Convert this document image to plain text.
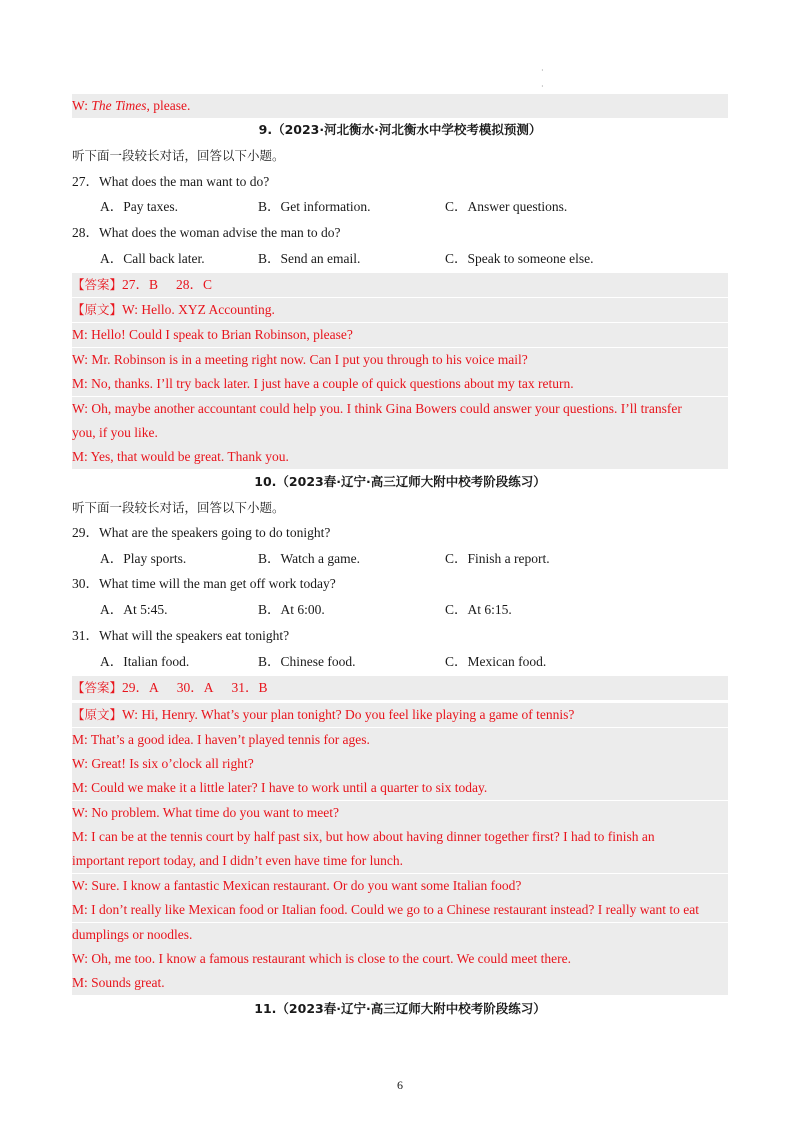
·
·
W: The Times, please.
9.（2023·河北衡水·河北衡水中学校考模拟预测）
听下面一段较长对话，回答以下小题。
27．What does the man want to do?
A．Pay taxes.	B．Get information.	C．Answer questions.
28．What does the woman advise the man to do?
A．Call back later.	B．Send an email.	C．Speak to someone else.
【答案】27．B 28．C
【原文】W: Hello. XYZ Accounting.
M: Hello! Could I speak to Brian Robinson, please?
W: Mr. Robinson is in a meeting right now. Can I put you through to his voice mail?
M: No, thanks. I’ll try back later. I just have a couple of quick questions about my tax return.
W: Oh, maybe another accountant could help you. I think Gina Bowers could answer your questions. I’ll transfer
you, if you like.
M: Yes, that would be great. Thank you.
10.（2023春·辽宁·高三辽师大附中校考阶段练习）
听下面一段较长对话，回答以下小题。
29．What are the speakers going to do tonight?
A．Play sports.	B．Watch a game.	C．Finish a report.
30．What time will the man get off work today?
A．At 5:45.	B．At 6:00.	C．At 6:15.
31．What will the speakers eat tonight?
A．Italian food.	B．Chinese food.	C．Mexican food.
【答案】29．A 30．A 31．B
【原文】W: Hi, Henry. What’s your plan tonight? Do you feel like playing a game of tennis?
M: That’s a good idea. I haven’t played tennis for ages.
W: Great! Is six o’clock all right?
M: Could we make it a little later? I have to work until a quarter to six today.
W: No problem. What time do you want to meet?
M: I can be at the tennis court by half past six, but how about having dinner together first? I had to finish an
important report today, and I didn’t even have time for lunch.
W: Sure. I know a fantastic Mexican restaurant. Or do you want some Italian food?
M: I don’t really like Mexican food or Italian food. Could we go to a Chinese restaurant instead? I really want to eat
dumplings or noodles.
W: Oh, me too. I know a famous restaurant which is close to the court. We could meet there.
M: Sounds great.
11.（2023春·辽宁·高三辽师大附中校考阶段练习）
6
